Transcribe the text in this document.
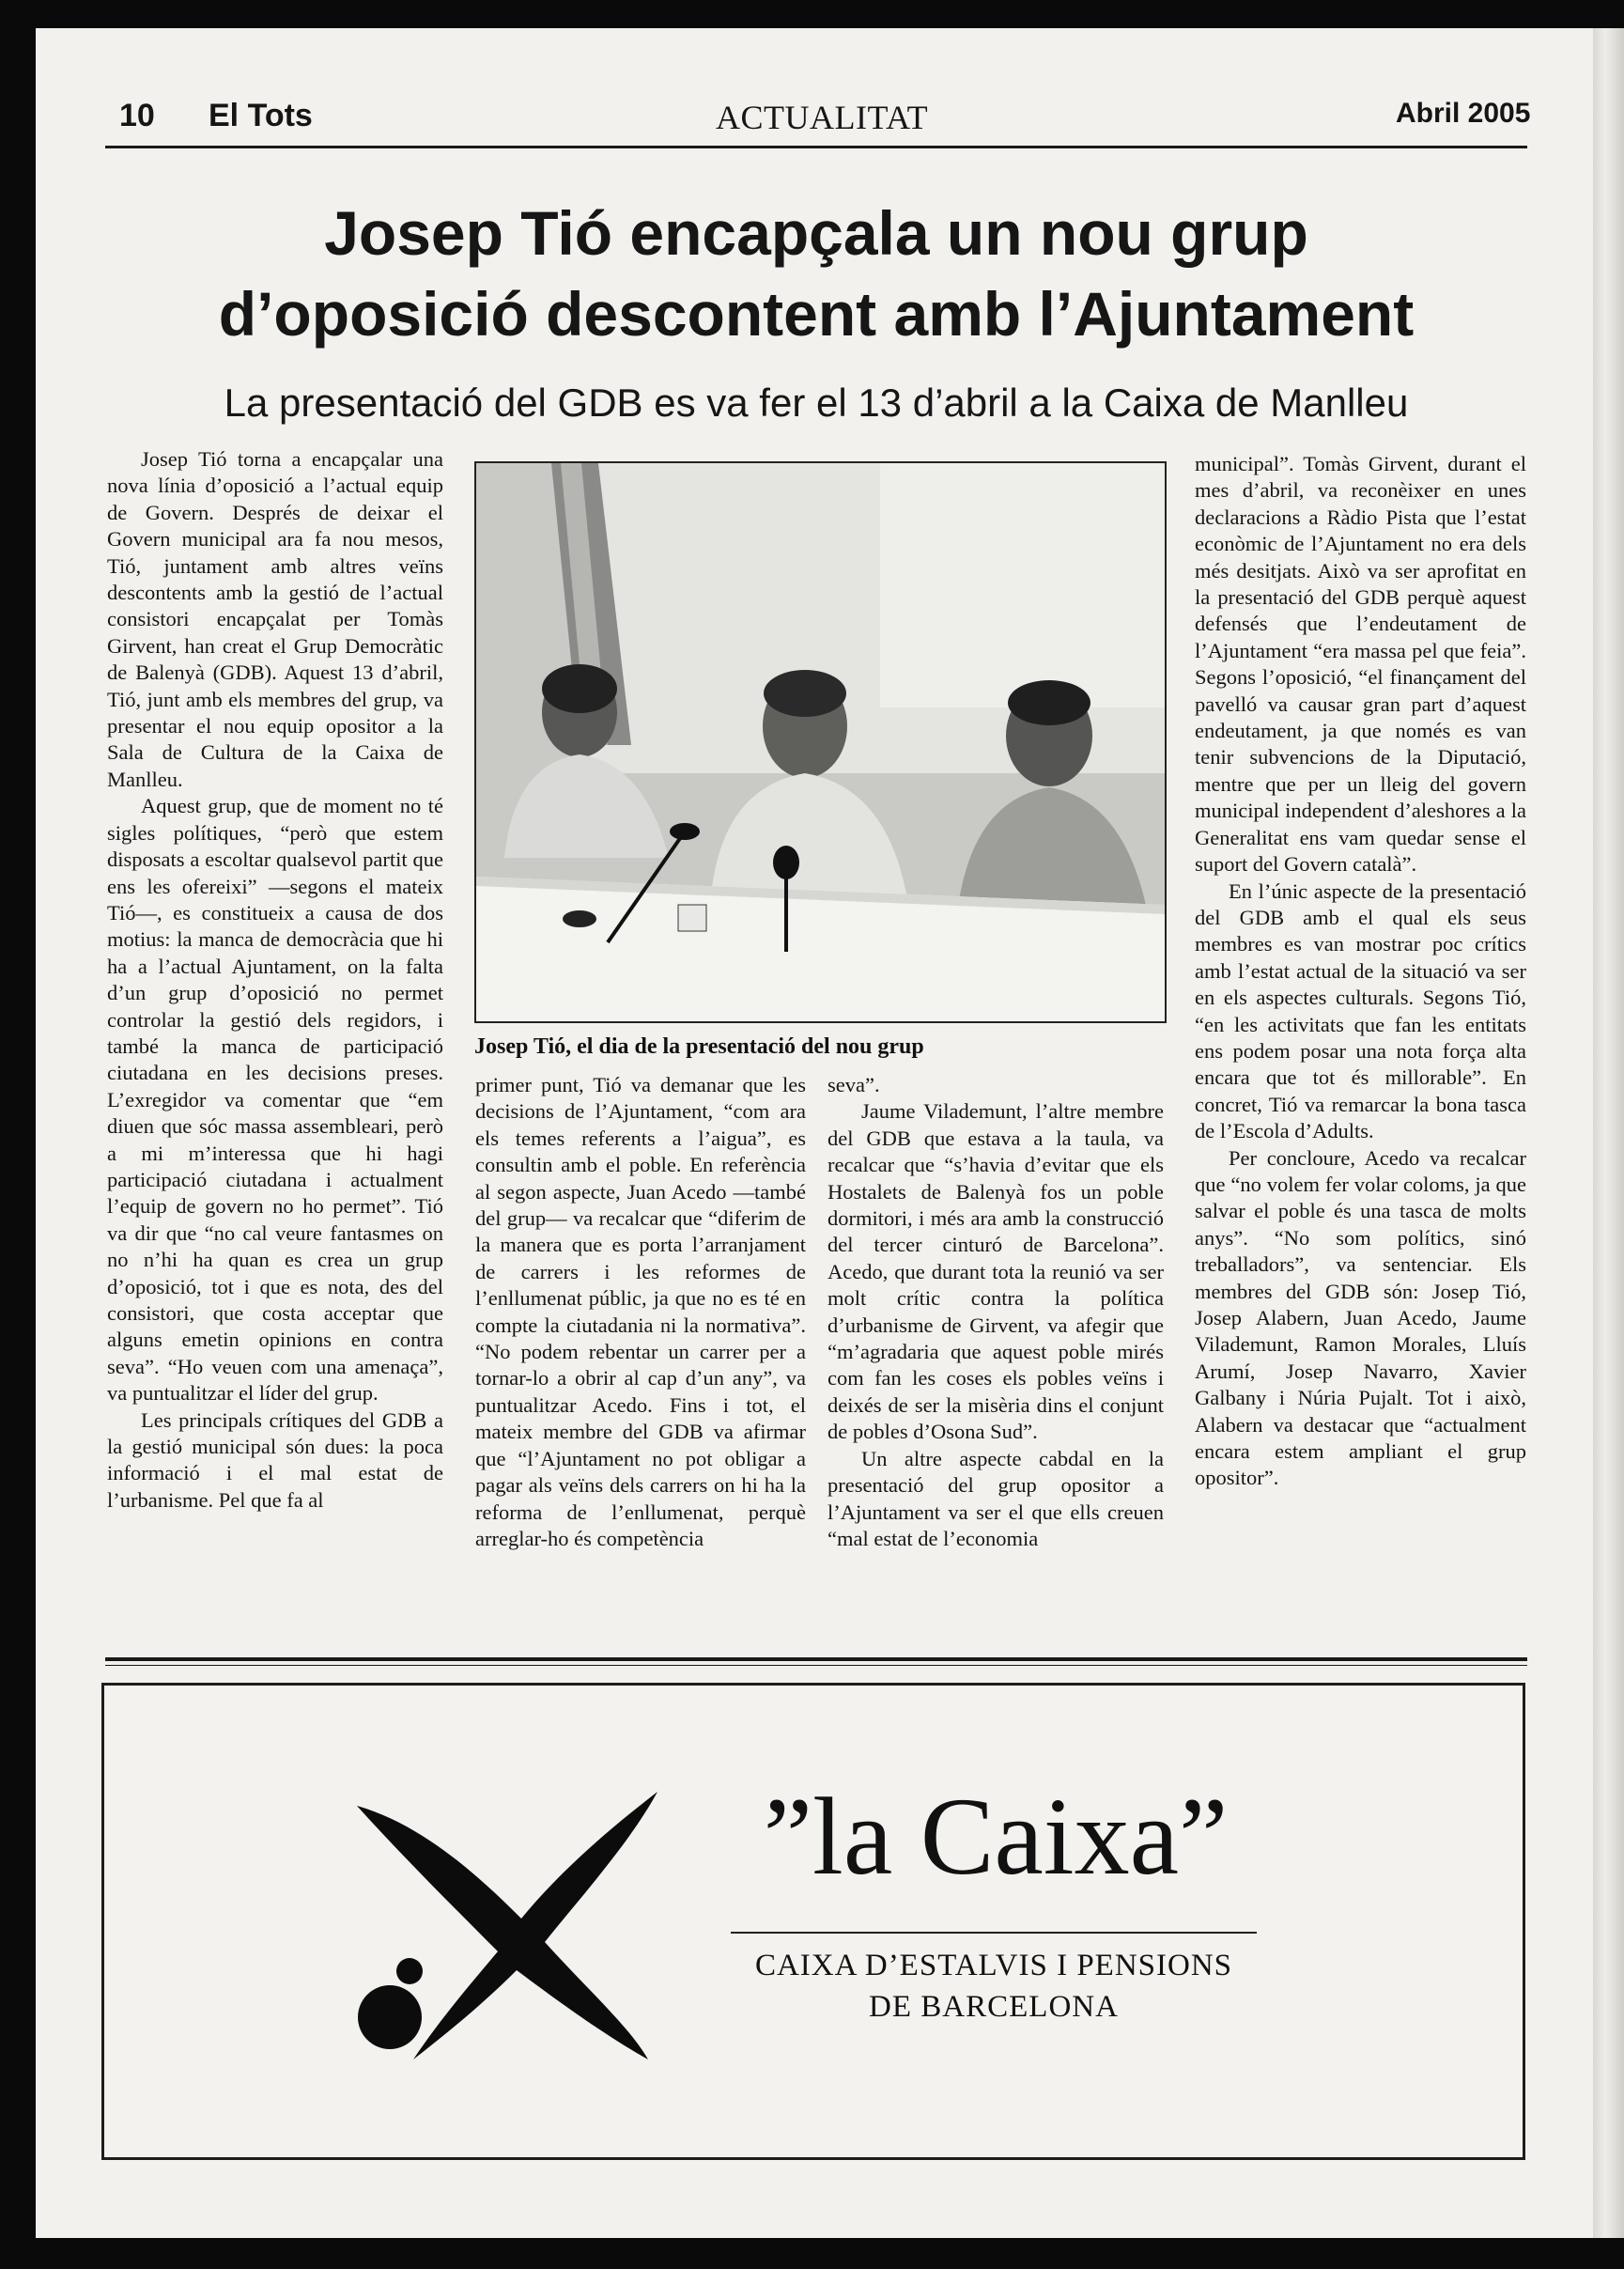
10 El Tots	ACTUALITAT	Abril 2005
Josep Tió encapçala un nou grup
d’oposició descontent amb l’Ajuntament
La presentació del GDB es va fer el 13 d’abril a la Caixa de Manlleu

Josep Tió torna a encapçalar una nova línia d’oposició a l’actual equip de Govern. Després de deixar el Govern municipal ara fa nou mesos, Tió, juntament amb altres veïns descontents amb la gestió de l’actual consistori encapçalat per Tomàs Girvent, han creat el Grup Democràtic de Balenyà (GDB). Aquest 13 d’abril, Tió, junt amb els membres del grup, va presentar el nou equip opositor a la Sala de Cultura de la Caixa de Manlleu.

Aquest grup, que de moment no té sigles polítiques, “però que estem disposats a escoltar qualsevol partit que ens les ofereixi” —segons el mateix Tió—, es constitueix a causa de dos motius: la manca de democràcia que hi ha a l’actual Ajuntament, on la falta d’un grup d’oposició no permet controlar la gestió dels regidors, i també la manca de participació ciutadana en les decisions preses. L’exregidor va comentar que “em diuen que sóc massa assembleari, però a mi m’interessa que hi hagi participació ciutadana i actualment l’equip de govern no ho permet”. Tió va dir que “no cal veure fantasmes on no n’hi ha quan es crea un grup d’oposició, tot i que es nota, des del consistori, que costa acceptar que alguns emetin opinions en contra seva”. “Ho veuen com una amenaça”, va puntualitzar el líder del grup.

Les principals crítiques del GDB a la gestió municipal són dues: la poca informació i el mal estat de l’urbanisme. Pel que fa al

Josep Tió, el dia de la presentació del nou grup

primer punt, Tió va demanar que les decisions de l’Ajuntament, “com ara els temes referents a l’aigua”, es consultin amb el poble. En referència al segon aspecte, Juan Acedo —també del grup— va recalcar que “diferim de la manera que es porta l’arranjament de carrers i les reformes de l’enllumenat públic, ja que no es té en compte la ciutadania ni la normativa”. “No podem rebentar un carrer per a tornar-lo a obrir al cap d’un any”, va puntualitzar Acedo. Fins i tot, el mateix membre del GDB va afirmar que “l’Ajuntament no pot obligar a pagar als veïns dels carrers on hi ha la reforma de l’enllumenat, perquè arreglar-ho és competència

seva”.

Jaume Vilademunt, l’altre membre del GDB que estava a la taula, va recalcar que “s’havia d’evitar que els Hostalets de Balenyà fos un poble dormitori, i més ara amb la construcció del tercer cinturó de Barcelona”. Acedo, que durant tota la reunió va ser molt crític contra la política d’urbanisme de Girvent, va afegir que “m’agradaria que aquest poble mirés com fan les coses els pobles veïns i deixés de ser la misèria dins el conjunt de pobles d’Osona Sud”.

Un altre aspecte cabdal en la presentació del grup opositor a l’Ajuntament va ser el que ells creuen “mal estat de l’economia

municipal”. Tomàs Girvent, durant el mes d’abril, va reconèixer en unes declaracions a Ràdio Pista que l’estat econòmic de l’Ajuntament no era dels més desitjats. Això va ser aprofitat en la presentació del GDB perquè aquest defensés que l’endeutament de l’Ajuntament “era massa pel que feia”. Segons l’oposició, “el finançament del pavelló va causar gran part d’aquest endeutament, ja que només es van tenir subvencions de la Diputació, mentre que per un lleig del govern municipal independent d’aleshores a la Generalitat ens vam quedar sense el suport del Govern català”.

En l’únic aspecte de la presentació del GDB amb el qual els seus membres es van mostrar poc crítics amb l’estat actual de la situació va ser en els aspectes culturals. Segons Tió, “en les activitats que fan les entitats ens podem posar una nota força alta encara que tot és millorable”. En concret, Tió va remarcar la bona tasca de l’Escola d’Adults.

Per concloure, Acedo va recalcar que “no volem fer volar coloms, ja que salvar el poble és una tasca de molts anys”. “No som polítics, sinó treballadors”, va sentenciar. Els membres del GDB són: Josep Tió, Josep Alabern, Juan Acedo, Jaume Vilademunt, Ramon Morales, Lluís Arumí, Josep Navarro, Xavier Galbany i Núria Pujalt. Tot i això, Alabern va destacar que “actualment encara estem ampliant el grup opositor”.

”la Caixa”
CAIXA D’ESTALVIS I PENSIONS
DE BARCELONA
